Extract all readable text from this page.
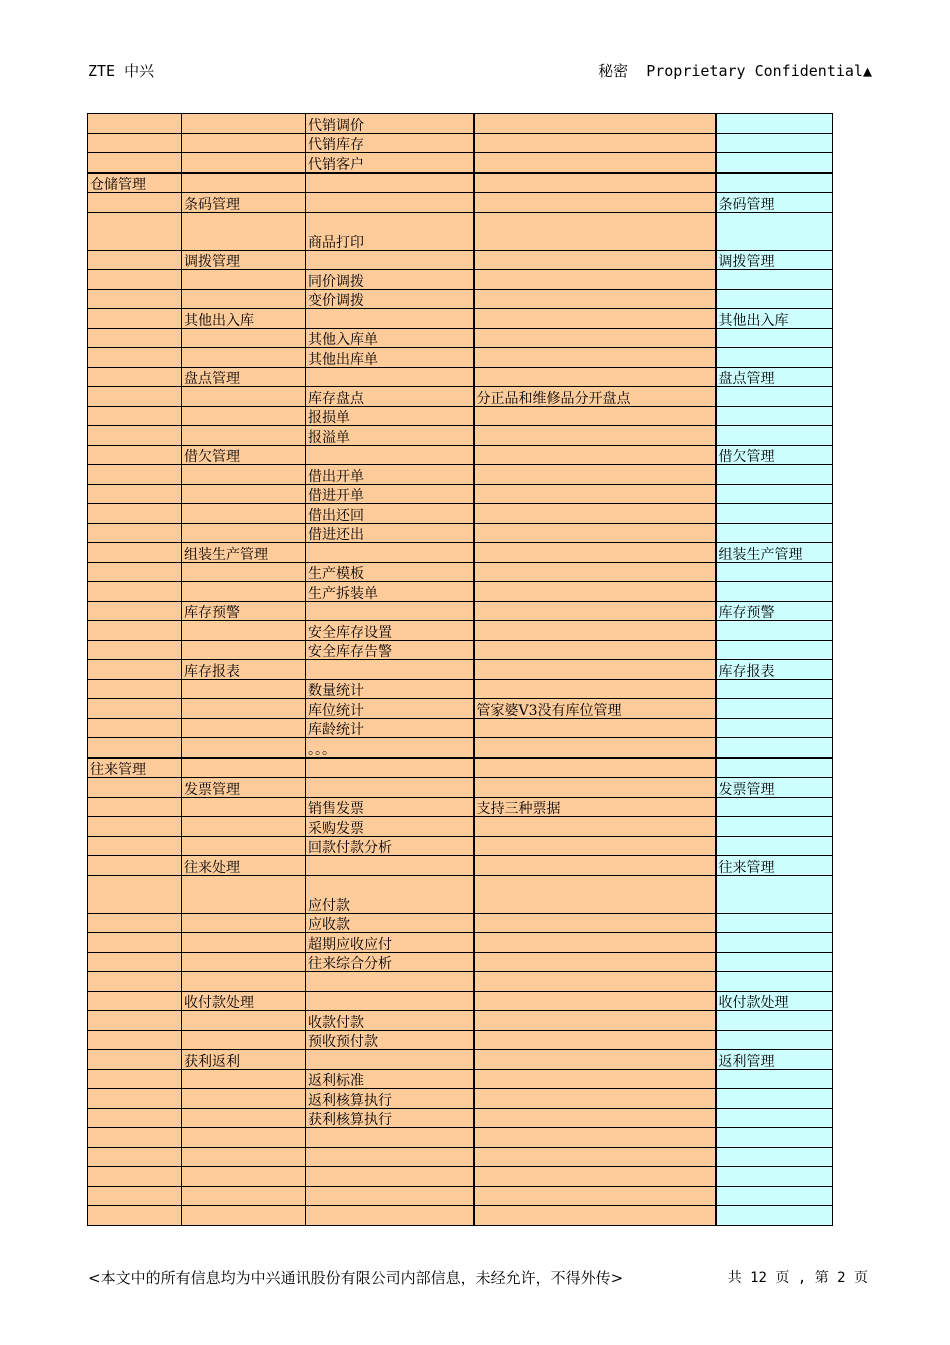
ZTE 中兴	秘密  Proprietary Confidential▲
		代销调价		
		代销库存		
		代销客户		
仓储管理				
	条码管理			条码管理
		商品打印		
	调拨管理			调拨管理
		同价调拨		
		变价调拨		
	其他出入库			其他出入库
		其他入库单		
		其他出库单		
	盘点管理			盘点管理
		库存盘点	分正品和维修品分开盘点	
		报损单		
		报溢单		
	借欠管理			借欠管理
		借出开单		
		借进开单		
		借出还回		
		借进还出		
	组装生产管理			组装生产管理
		生产模板		
		生产拆装单		
	库存预警			库存预警
		安全库存设置		
		安全库存告警		
	库存报表			库存报表
		数量统计		
		库位统计	管家婆V3没有库位管理	
		库龄统计		
		。。。		
往来管理				
	发票管理			发票管理
		销售发票	支持三种票据	
		采购发票		
		回款付款分析		
	往来处理			往来管理
		应付款		
		应收款		
		超期应收应付		
		往来综合分析		

	收付款处理			收付款处理
		收款付款		
		预收预付款		
	获利返利			返利管理
		返利标准		
		返利核算执行		
		获利核算执行		

<本文中的所有信息均为中兴通讯股份有限公司内部信息，未经允许，不得外传>	共 12 页 , 第 2 页
